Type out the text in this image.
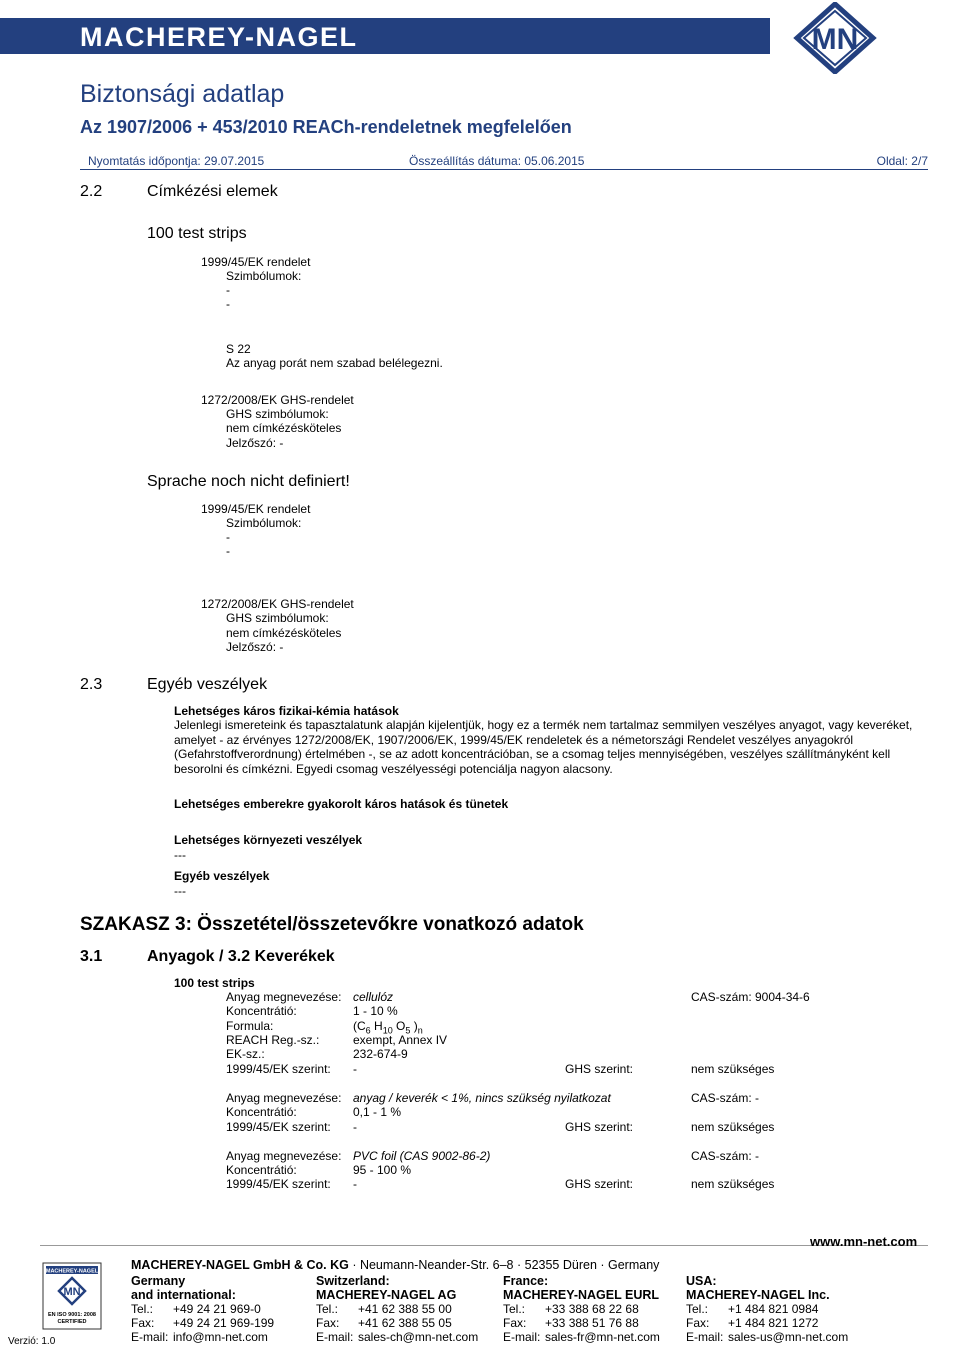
MACHEREY-NAGEL	MN
Biztonsági adatlap
Az 1907/2006 + 453/2010 REACh-rendeletnek megfelelően
Nyomtatás időpontja: 29.07.2015	Összeállítás dátuma: 05.06.2015	Oldal: 2/7
2.2	Címkézési elemek
100 test strips
1999/45/EK rendelet
Szimbólumok:
-
-
S 22
Az anyag porát nem szabad belélegezni.
1272/2008/EK GHS-rendelet
GHS szimbólumok:
nem címkézésköteles
Jelzőszó: -
Sprache noch nicht definiert!
1999/45/EK rendelet
Szimbólumok:
-
-
1272/2008/EK GHS-rendelet
GHS szimbólumok:
nem címkézésköteles
Jelzőszó: -
2.3	Egyéb veszélyek
Lehetséges káros fizikai-kémia hatások
Jelenlegi ismereteink és tapasztalatunk alapján kijelentjük, hogy ez a termék nem tartalmaz semmilyen veszélyes anyagot, vagy keveréket, amelyet - az érvényes 1272/2008/EK, 1907/2006/EK, 1999/45/EK rendeletek és a németországi Rendelet veszélyes anyagokról (Gefahrstoffverordnung) értelmében -, se az adott koncentrációban, se a csomag teljes mennyiségében, veszélyes szállítmányként kell besorolni és címkézni. Egyedi csomag veszélyességi potenciálja nagyon alacsony.
Lehetséges emberekre gyakorolt káros hatások és tünetek
Lehetséges környezeti veszélyek
---
Egyéb veszélyek
---
SZAKASZ 3: Összetétel/összetevőkre vonatkozó adatok
3.1	Anyagok / 3.2 Keverékek
100 test strips
Anyag megnevezése: cellulóz	CAS-szám: 9004-34-6
Koncentrátió:	1 - 10 %
Formula:	($C_6$ $H_{10}$ $O_5$ )$_n$
REACH Reg.-sz.:	exempt, Annex IV
EK-sz.:	232-674-9
1999/45/EK szerint: -	GHS szerint:	nem szükséges
Anyag megnevezése: anyag / keverék < 1%, nincs szükség nyilatkozat	CAS-szám: -
Koncentrátió:	0,1 - 1 %
1999/45/EK szerint: -	GHS szerint:	nem szükséges
Anyag megnevezése: PVC foil (CAS 9002-86-2)	CAS-szám: -
Koncentrátió:	95 - 100 %
1999/45/EK szerint: -	GHS szerint:	nem szükséges
MACHEREY-NAGEL
MN
EN ISO 9001: 2008
CERTIFIED
Verzió: 1.0
MACHEREY-NAGEL GmbH & Co. KG · Neumann-Neander-Str. 6–8 · 52355 Düren · Germany
www.mn-net.com
Germany
and international:
Tel.: +49 24 21 969-0
Fax: +49 24 21 969-199
E-mail: info@mn-net.com
Switzerland:
MACHEREY-NAGEL AG
Tel.: +41 62 388 55 00
Fax: +41 62 388 55 05
E-mail: sales-ch@mn-net.com
France:
MACHEREY-NAGEL EURL
Tel.: +33 388 68 22 68
Fax: +33 388 51 76 88
E-mail: sales-fr@mn-net.com
USA:
MACHEREY-NAGEL Inc.
Tel.: +1 484 821 0984
Fax: +1 484 821 1272
E-mail: sales-us@mn-net.com
